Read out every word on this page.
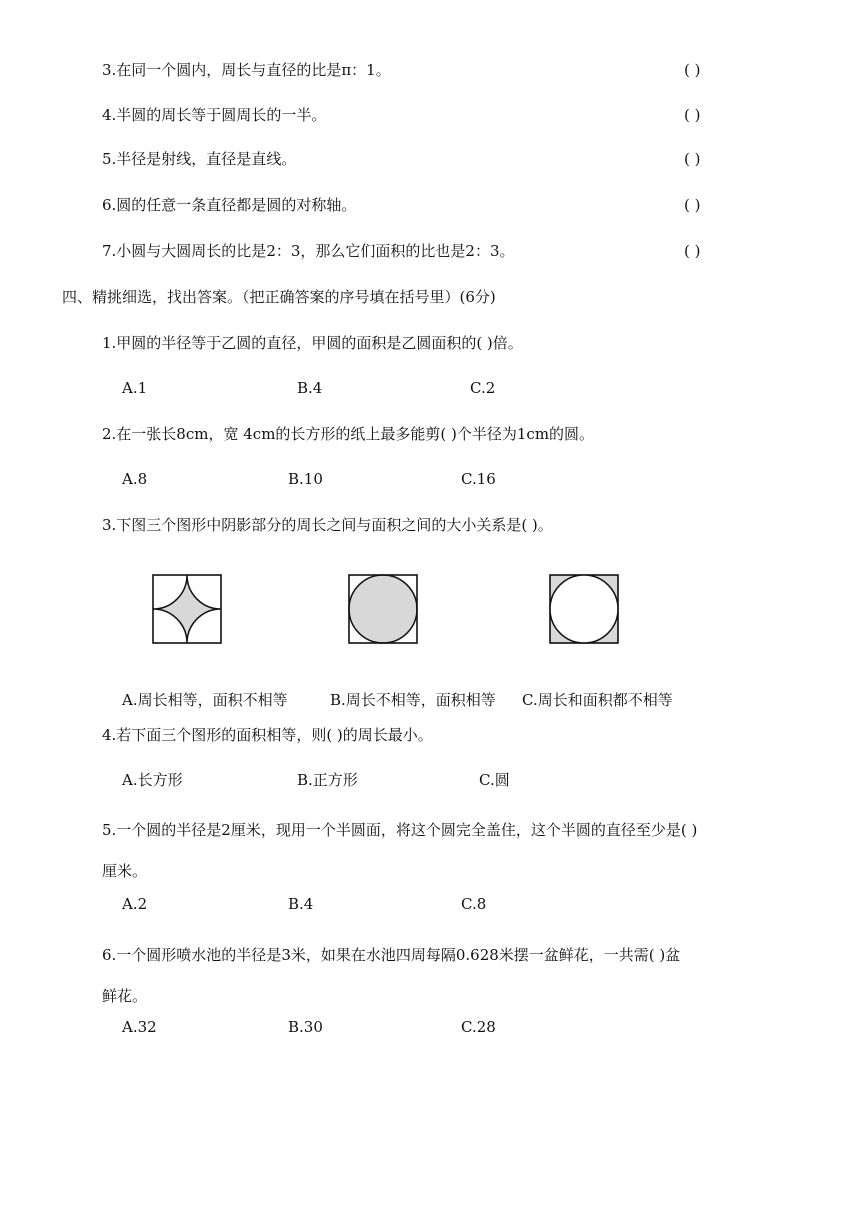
3.在同一个圆内，周长与直径的比是π：1。	( )
4.半圆的周长等于圆周长的一半。	( )
5.半径是射线，直径是直线。	( )
6.圆的任意一条直径都是圆的对称轴。	( )
7.小圆与大圆周长的比是2：3，那么它们面积的比也是2：3。	( )
四、精挑细选，找出答案。（把正确答案的序号填在括号里）(6分)
1.甲圆的半径等于乙圆的直径，甲圆的面积是乙圆面积的( )倍。
A.1	B.4	C.2
2.在一张长8cm，宽 4cm的长方形的纸上最多能剪( )个半径为1cm的圆。
A.8	B.10	C.16
3.下图三个图形中阴影部分的周长之间与面积之间的大小关系是( )。
A.周长相等，面积不相等	B.周长不相等，面积相等 C.周长和面积都不相等
4.若下面三个图形的面积相等，则( )的周长最小。
A.长方形	B.正方形	C.圆
5.一个圆的半径是2厘米，现用一个半圆面，将这个圆完全盖住，这个半圆的直径至少是( )
厘米。
A.2	B.4	C.8
6.一个圆形喷水池的半径是3米，如果在水池四周每隔0.628米摆一盆鲜花，一共需( )盆
鲜花。
A.32	B.30	C.28
